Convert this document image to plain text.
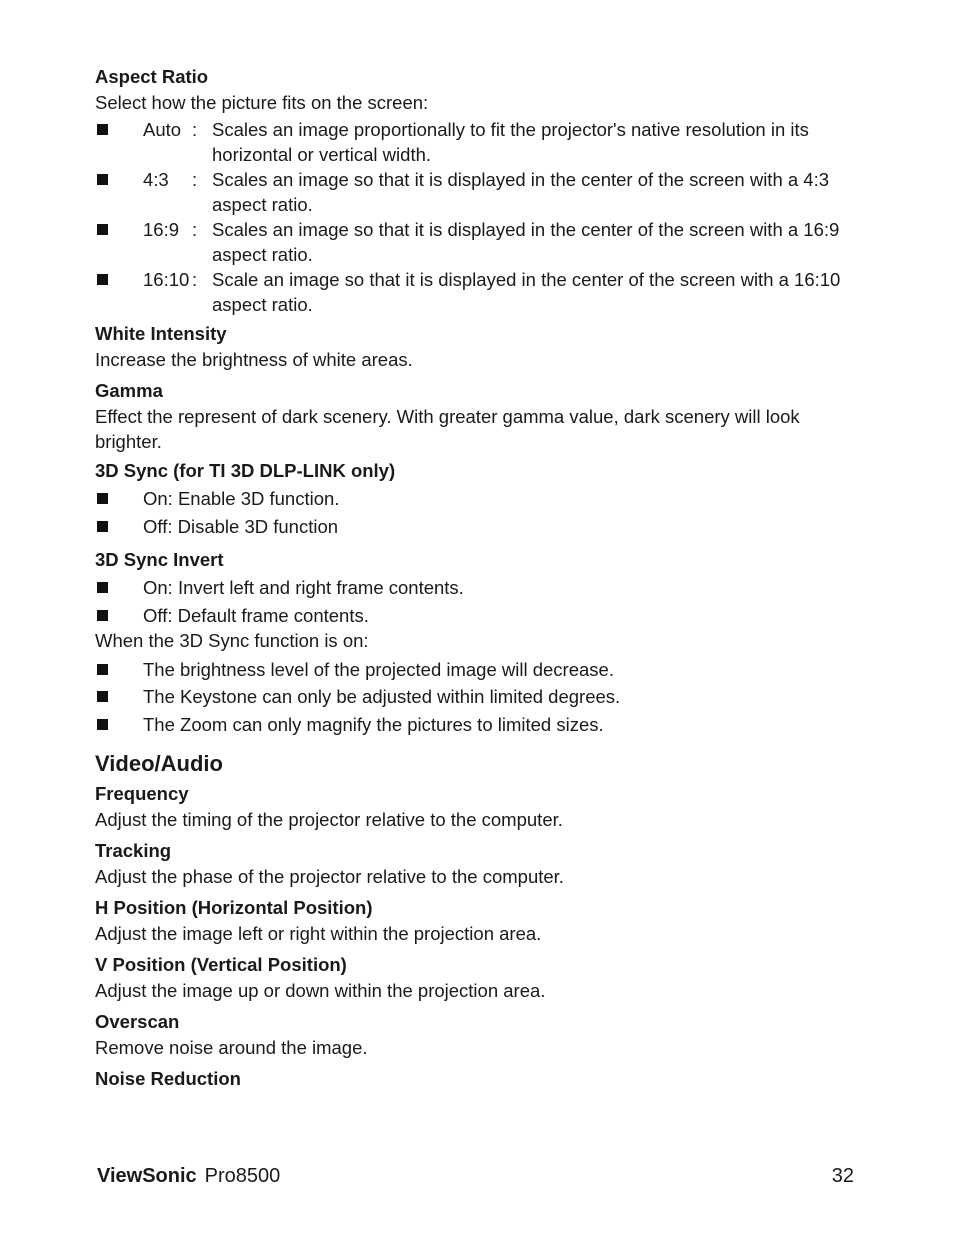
Aspect Ratio
Select how the picture fits on the screen:
Auto : Scales an image proportionally to fit the projector's native resolution in its horizontal or vertical width.
4:3	: Scales an image so that it is displayed in the center of the screen with a 4:3 aspect ratio.
16:9 : Scales an image so that it is displayed in the center of the screen with a 16:9 aspect ratio.
16:10 : Scale an image so that it is displayed in the center of the screen with a 16:10 aspect ratio.
White Intensity
Increase the brightness of white areas.
Gamma
Effect the represent of dark scenery. With greater gamma value, dark scenery will look brighter.
3D Sync (for TI 3D DLP-LINK only)
On: Enable 3D function.
Off: Disable 3D function
3D Sync Invert
On: Invert left and right frame contents.
Off: Default frame contents.
When the 3D Sync function is on:
The brightness level of the projected image will decrease.
The Keystone can only be adjusted within limited degrees.
The Zoom can only magnify the pictures to limited sizes.
Video/Audio
Frequency
Adjust the timing of the projector relative to the computer.
Tracking
Adjust the phase of the projector relative to the computer.
H Position (Horizontal Position)
Adjust the image left or right within the projection area.
V Position (Vertical Position)
Adjust the image up or down within the projection area.
Overscan
Remove noise around the image.
Noise Reduction
ViewSonic Pro8500	32
